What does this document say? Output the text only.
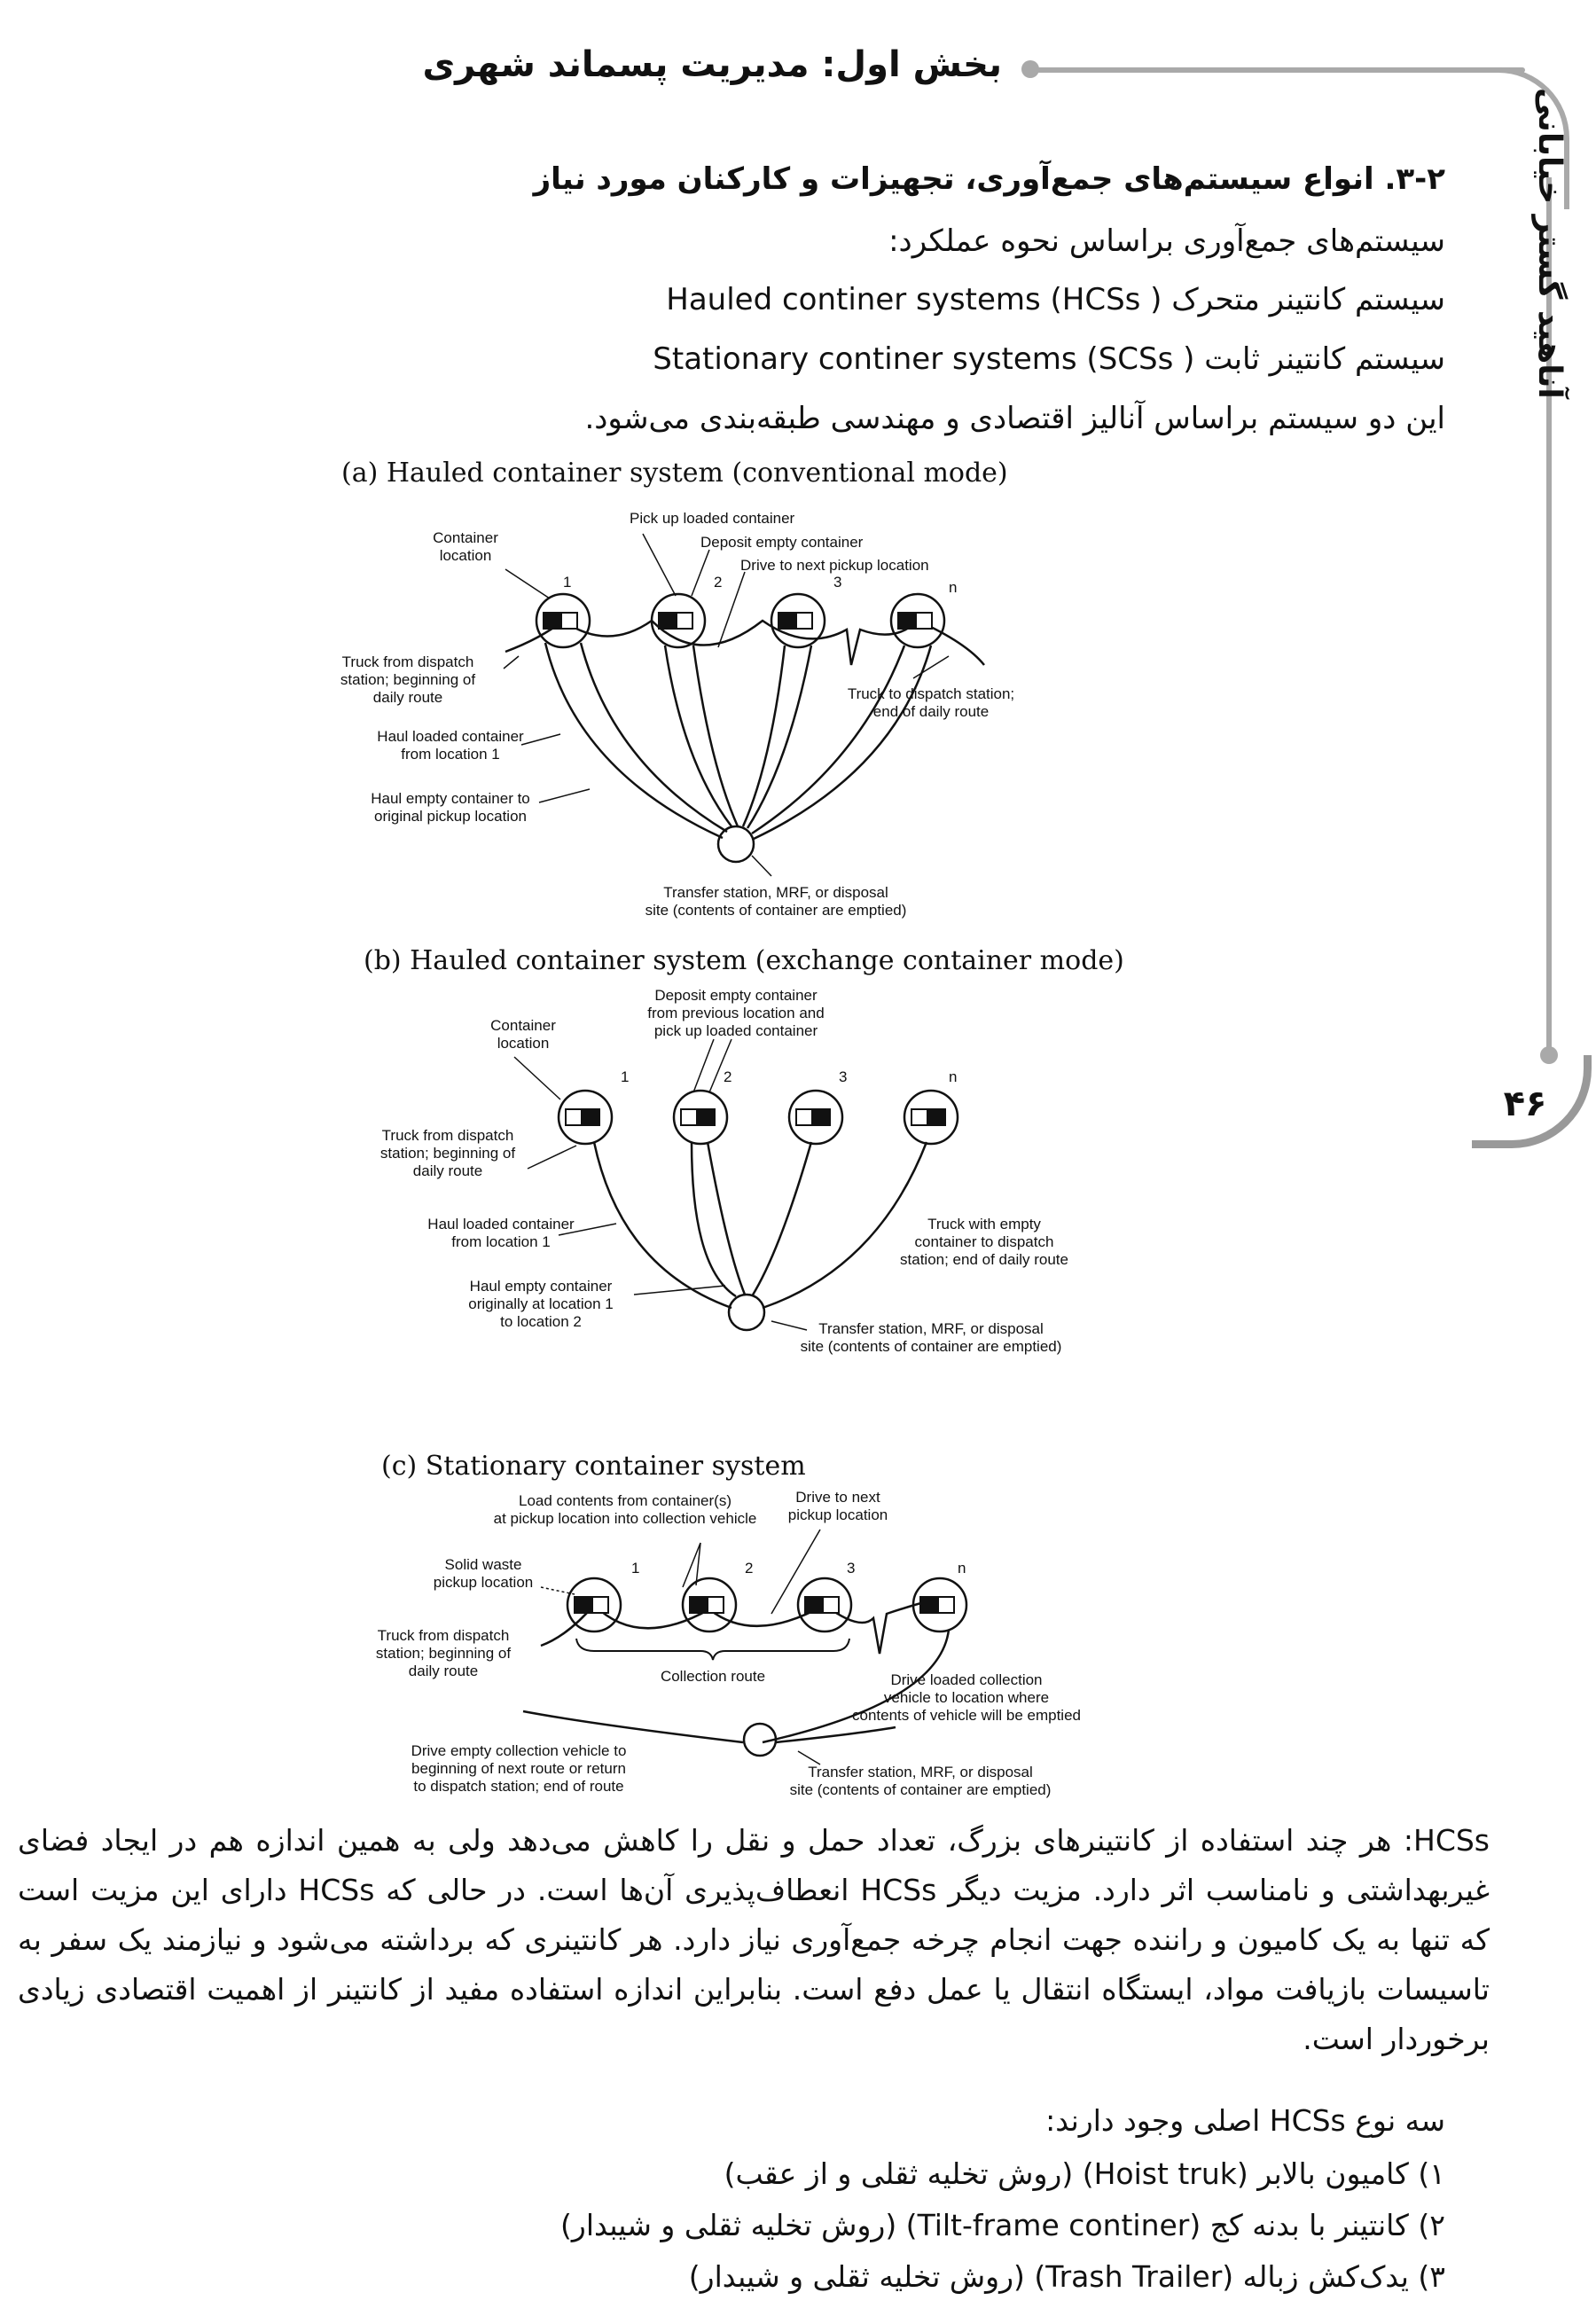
بخش اول: مدیریت پسماند شهری
آناهید گستر خیابانی
۴۶
۳-۲. انواع سیستم‌های جمع‌آوری، تجهیزات و کارکنان مورد نیاز
سیستم‌های جمع‌آوری براساس نحوه عملکرد:
سیستم کانتینر متحرک ( Hauled continer systems (HCSs
سیستم کانتینر ثابت ( Stationary continer systems (SCSs
این دو سیستم براساس آنالیز اقتصادی و مهندسی طبقه‌بندی می‌شود.
(a) Hauled container system (conventional mode)
Pick up loaded container
Deposit empty container
Drive to next pickup location
Container
location
1	2	3	n
Truck from dispatch
station; beginning of
daily route	Truck to dispatch station;
end of daily route
Haul loaded container
from location 1
Haul empty container to
original pickup location
Transfer station, MRF, or disposal
site (contents of container are emptied)
(b) Hauled container system (exchange container mode)
Deposit empty container
from previous location and
pick up loaded container
Container
location
1	2	3	n
Truck from dispatch
station; beginning of
daily route
Truck with empty
container to dispatch
station; end of daily route
Haul loaded container
from location 1
Haul empty container
originally at location 1
to location 2	Transfer station, MRF, or disposal
site (contents of container are emptied)
(c) Stationary container system
Load contents from container(s)
at pickup location into collection vehicle
Drive to next
pickup location
Solid waste
pickup location
1	2	3	n
Truck from dispatch
station; beginning of
daily route	Collection route	Drive loaded collection
vehicle to location where
contents of vehicle will be emptied
Drive empty collection vehicle to
beginning of next route or return
to dispatch station; end of route
Transfer station, MRF, or disposal
site (contents of container are emptied)
HCSs: هر چند استفاده از کانتینرهای بزرگ، تعداد حمل و نقل را کاهش می‌دهد ولی به همین اندازه هم در ایجاد فضای غیربهداشتی و نامناسب اثر دارد. مزیت دیگر HCSs انعطاف‌پذیری آن‌ها است. در حالی که HCSs دارای این مزیت است که تنها به یک کامیون و راننده جهت انجام چرخه جمع‌آوری نیاز دارد. هر کانتینری که برداشته می‌شود و نیازمند یک سفر به تاسیسات بازیافت مواد، ایستگاه انتقال یا عمل دفع است. بنابراین اندازه استفاده مفید از کانتینر از اهمیت اقتصادی زیادی برخوردار است.
سه نوع HCSs اصلی وجود دارند:
۱) کامیون بالابر (Hoist truk) (روش تخلیه ثقلی و از عقب)
۲) کانتینر با بدنه کج (Tilt-frame continer) (روش تخلیه ثقلی و شیبدار)
۳) یدک‌کش زباله (Trash Trailer) (روش تخلیه ثقلی و شیبدار)
